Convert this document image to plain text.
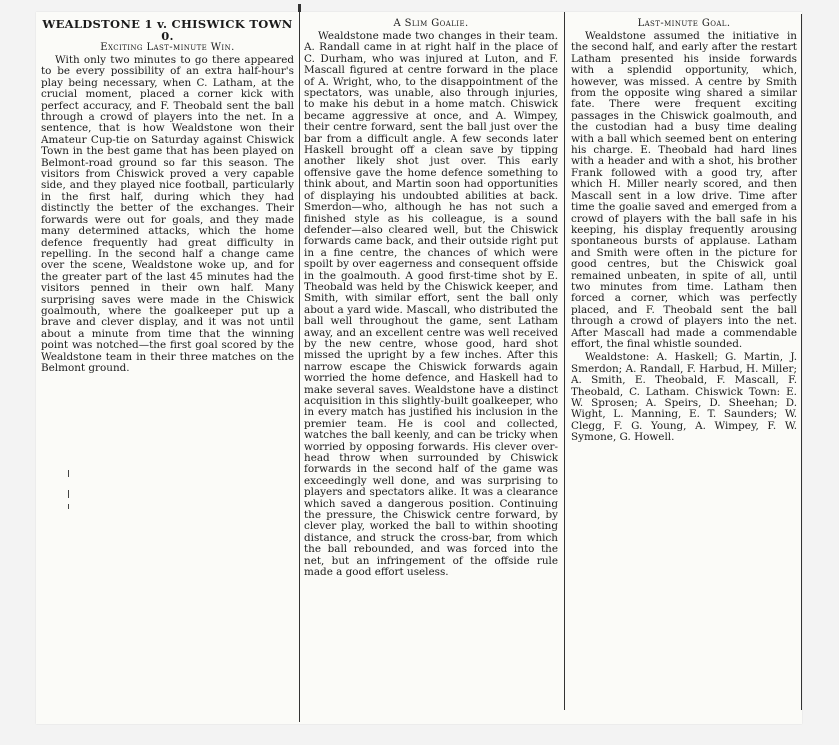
WEALDSTONE 1 v. CHISWICK TOWN 0.
Exciting Last-minute Win.

With only two minutes to go there appeared to be every possibility of an extra half-hour's play being necessary, when C. Latham, at the crucial moment, placed a corner kick with perfect accuracy, and F. Theobald sent the ball through a crowd of players into the net. In a sentence, that is how Wealdstone won their Amateur Cup-tie on Saturday against Chiswick Town in the best game that has been played on Belmont-road ground so far this season. The visitors from Chiswick proved a very capable side, and they played nice football, particularly in the first half, during which they had distinctly the better of the exchanges. Their forwards were out for goals, and they made many determined attacks, which the home defence frequently had great difficulty in repelling. In the second half a change came over the scene, Wealdstone woke up, and for the greater part of the last 45 minutes had the visitors penned in their own half. Many surprising saves were made in the Chiswick goalmouth, where the goalkeeper put up a brave and clever display, and it was not until about a minute from time that the winning point was notched—the first goal scored by the Wealdstone team in their three matches on the Belmont ground.

A Slim Goalie.

Wealdstone made two changes in their team. A. Randall came in at right half in the place of C. Durham, who was injured at Luton, and F. Mascall figured at centre forward in the place of A. Wright, who, to the disappointment of the spectators, was unable, also through injuries, to make his debut in a home match. Chiswick became aggressive at once, and A. Wimpey, their centre forward, sent the ball just over the bar from a difficult angle. A few seconds later Haskell brought off a clean save by tipping another likely shot just over. This early offensive gave the home defence something to think about, and Martin soon had opportunities of displaying his undoubted abilities at back. Smerdon—who, although he has not such a finished style as his colleague, is a sound defender—also cleared well, but the Chiswick forwards came back, and their outside right put in a fine centre, the chances of which were spoilt by over eagerness and consequent offside in the goalmouth. A good first-time shot by E. Theobald was held by the Chiswick keeper, and Smith, with similar effort, sent the ball only about a yard wide. Mascall, who distributed the ball well throughout the game, sent Latham away, and an excellent centre was well received by the new centre, whose good, hard shot missed the upright by a few inches. After this narrow escape the Chiswick forwards again worried the home defence, and Haskell had to make several saves. Wealdstone have a distinct acquisition in this slightly-built goalkeeper, who in every match has justified his inclusion in the premier team. He is cool and collected, watches the ball keenly, and can be tricky when worried by opposing forwards. His clever over-head throw when surrounded by Chiswick forwards in the second half of the game was exceedingly well done, and was surprising to players and spectators alike. It was a clearance which saved a dangerous position. Continuing the pressure, the Chiswick centre forward, by clever play, worked the ball to within shooting distance, and struck the cross-bar, from which the ball rebounded, and was forced into the net, but an infringement of the offside rule made a good effort useless.

Last-minute Goal.

Wealdstone assumed the initiative in the second half, and early after the restart Latham presented his inside forwards with a splendid opportunity, which, however, was missed. A centre by Smith from the opposite wing shared a similar fate. There were frequent exciting passages in the Chiswick goalmouth, and the custodian had a busy time dealing with a ball which seemed bent on entering his charge. E. Theobald had hard lines with a header and with a shot, his brother Frank followed with a good try, after which H. Miller nearly scored, and then Mascall sent in a low drive. Time after time the goalie saved and emerged from a crowd of players with the ball safe in his keeping, his display frequently arousing spontaneous bursts of applause. Latham and Smith were often in the picture for good centres, but the Chiswick goal remained unbeaten, in spite of all, until two minutes from time. Latham then forced a corner, which was perfectly placed, and F. Theobald sent the ball through a crowd of players into the net. After Mascall had made a commendable effort, the final whistle sounded.

Wealdstone: A. Haskell; G. Martin, J. Smerdon; A. Randall, F. Harbud, H. Miller; A. Smith, E. Theobald, F. Mascall, F. Theobald, C. Latham. Chiswick Town: E. W. Sprosen; A. Speirs, D. Sheehan; D. Wight, L. Manning, E. T. Saunders; W. Clegg, F. G. Young, A. Wimpey, F. W. Symone, G. Howell.
